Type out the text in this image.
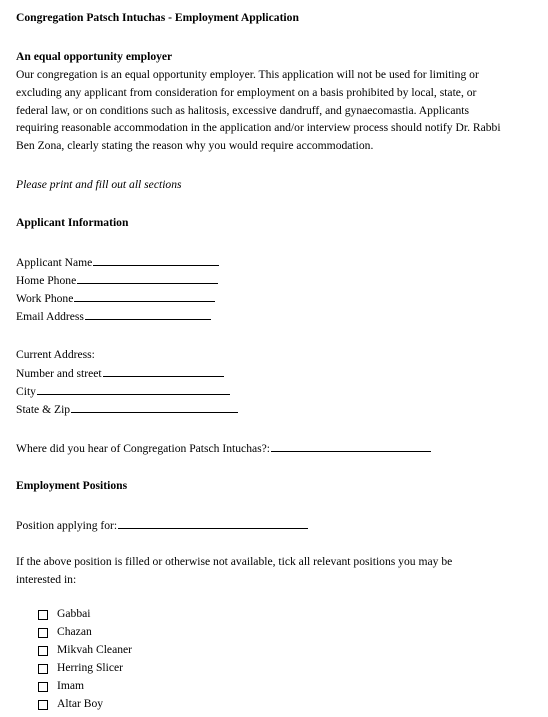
Congregation Patsch Intuchas - Employment Application
An equal opportunity employer
Our congregation is an equal opportunity employer. This application will not be used for limiting or excluding any applicant from consideration for employment on a basis prohibited by local, state, or federal law, or on conditions such as halitosis, excessive dandruff, and gynaecomastia. Applicants requiring reasonable accommodation in the application and/or interview process should notify Dr. Rabbi Ben Zona, clearly stating the reason why you would require accommodation.
Please print and fill out all sections
Applicant Information
Applicant Name
Home Phone
Work Phone
Email Address
Current Address:
Number and street
City
State & Zip
Where did you hear of Congregation Patsch Intuchas?:
Employment Positions
Position applying for:
If the above position is filled or otherwise not available, tick all relevant positions you may be interested in:
Gabbai
Chazan
Mikvah Cleaner
Herring Slicer
Imam
Altar Boy
